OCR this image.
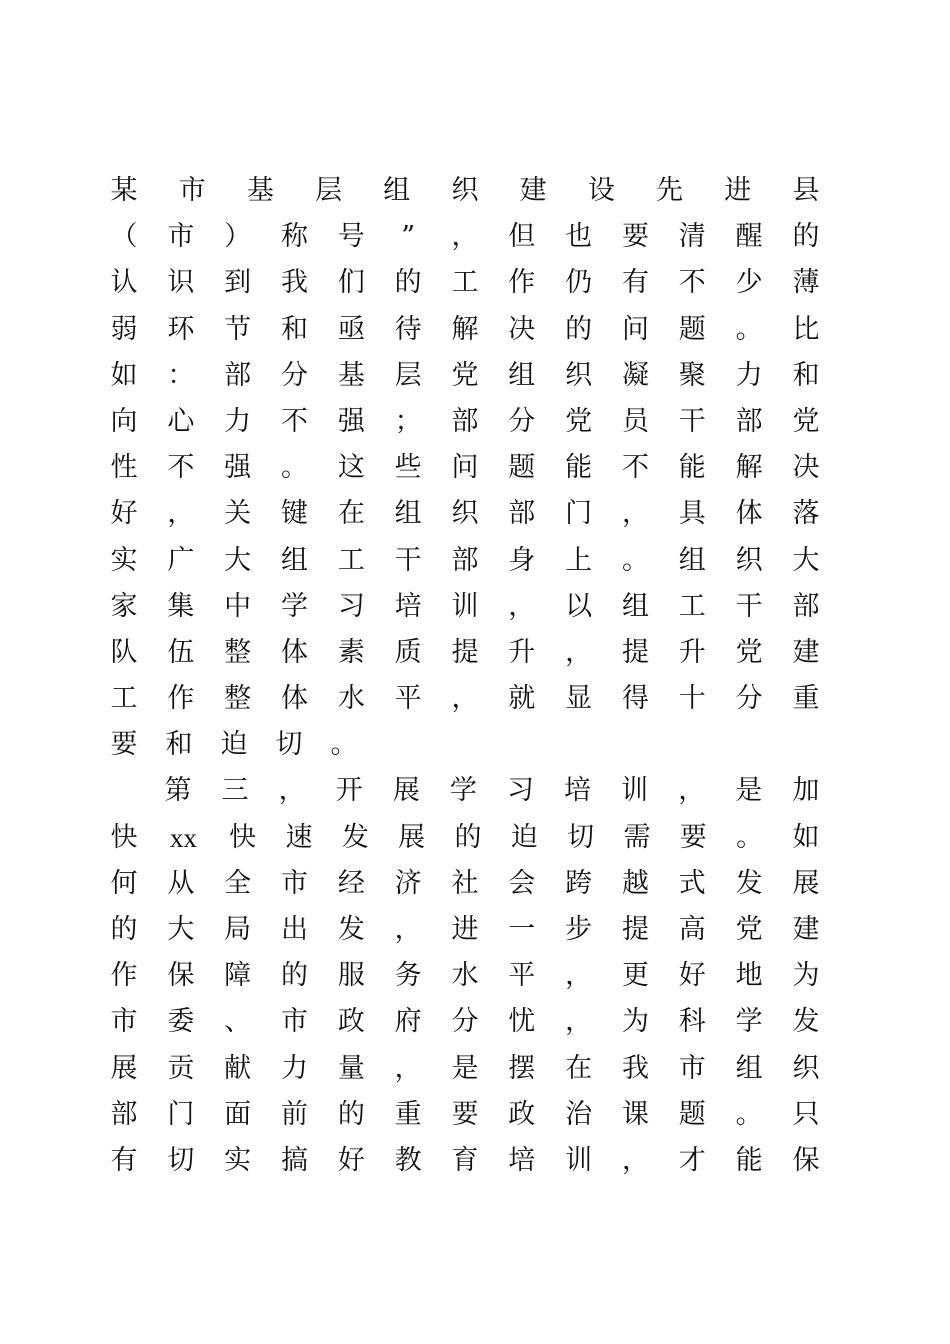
某 市 基 层 组 织 建 设 先 进 县
（ 市 ） 称 号 ” ， 但 也 要 清 醒 的
认 识 到 我 们 的 工 作 仍 有 不 少 薄
弱 环 节 和 亟 待 解 决 的 问 题 。 比
如 ： 部 分 基 层 党 组 织 凝 聚 力 和
向 心 力 不 强 ； 部 分 党 员 干 部 党
性 不 强 。 这 些 问 题 能 不 能 解 决
好 ， 关 键 在 组 织 部 门 ， 具 体 落
实 广 大 组 工 干 部 身 上 。 组 织 大
家 集 中 学 习 培 训 ， 以 组 工 干 部
队 伍 整 体 素 质 提 升 ， 提 升 党 建
工 作 整 体 水 平 ， 就 显 得 十 分 重
要 和 迫 切 。
第 三 ， 开 展 学 习 培 训 ， 是 加
快 xx 快 速 发 展 的 迫 切 需 要 。 如
何 从 全 市 经 济 社 会 跨 越 式 发 展
的 大 局 出 发 ， 进 一 步 提 高 党 建
作 保 障 的 服 务 水 平 ， 更 好 地 为
市 委 、 市 政 府 分 忧 ， 为 科 学 发
展 贡 献 力 量 ， 是 摆 在 我 市 组 织
部 门 面 前 的 重 要 政 治 课 题 。 只
有 切 实 搞 好 教 育 培 训 ， 才 能 保
